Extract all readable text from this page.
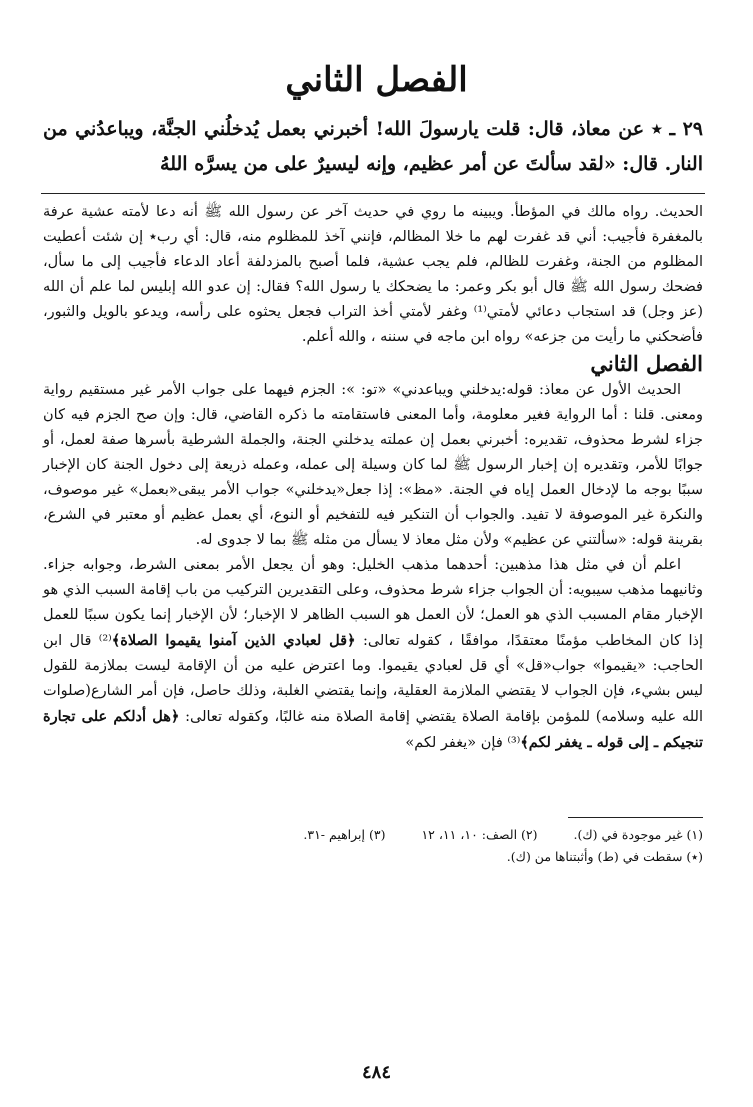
الفصل الثاني
٢٩ ـ ٭ عن معاذ، قال: قلت يارسولَ الله! أخبرني بعمل يُدخلُني الجنَّة، ويباعدُني من النار. قال: «لقد سألتَ عن أمر عظيم، وإنه ليسيرٌ على من يسرَّه اللهُ

الحديث. رواه مالك في المؤطأ. ويبينه ما روي في حديث آخر عن رسول الله ﷺ أنه دعا لأمته عشية عرفة بالمغفرة فأجيب: أني قد غفرت لهم ما خلا المظالم، فإنني آخذ للمظلوم منه، قال: أي رب٭ إن شئت أعطيت المظلوم من الجنة، وغفرت للظالم، فلم يجب عشية، فلما أصبح بالمزدلفة أعاد الدعاء فأجيب إلى ما سأل، فضحك رسول الله ﷺ قال أبو بكر وعمر: ما يضحكك يا رسول الله؟ فقال: إن عدو الله إبليس لما علم أن الله (عز وجل) قد استجاب دعائي لأمتي⁽¹⁾ وغفر لأمتي أخذ التراب فجعل يحثوه على رأسه، ويدعو بالويل والثبور، فأضحكني ما رأيت من جزعه» رواه ابن ماجه في سننه ، والله أعلم.

الفصل الثاني

الحديث الأول عن معاذ: قوله:يدخلني ويباعدني» «تو: »: الجزم فيهما على جواب الأمر غير مستقيم رواية ومعنى. قلنا : أما الرواية فغير معلومة، وأما المعنى فاستقامته ما ذكره القاضي، قال: وإن صح الجزم فيه كان جزاء لشرط محذوف، تقديره: أخبرني بعمل إن عملته يدخلني الجنة، والجملة الشرطية بأسرها صفة لعمل، أو جوابًا للأمر، وتقديره إن إخبار الرسول ﷺ لما كان وسيلة إلى عمله، وعمله ذريعة إلى دخول الجنة كان الإخبار سببًا بوجه ما لإدخال العمل إياه في الجنة. «مظ»: إذا جعل«يدخلني» جواب الأمر يبقى«بعمل» غير موصوف، والنكرة غير الموصوفة لا تفيد. والجواب أن التنكير فيه للتفخيم أو النوع، أي بعمل عظيم أو معتبر في الشرع، بقرينة قوله: «سألتني عن عظيم» ولأن مثل معاذ لا يسأل من مثله ﷺ بما لا جدوى له.

اعلم أن في مثل هذا مذهبين: أحدهما مذهب الخليل: وهو أن يجعل الأمر بمعنى الشرط، وجوابه جزاء. وثانيهما مذهب سيبويه: أن الجواب جزاء شرط محذوف، وعلى التقديرين التركيب من باب إقامة السبب الذي هو الإخبار مقام المسبب الذي هو العمل؛ لأن العمل هو السبب الظاهر لا الإخبار؛ لأن الإخبار إنما يكون سببًا للعمل إذا كان المخاطب مؤمنًا معتقدًا، موافقًا ، كقوله تعالى: ﴿قل لعبادي الذين آمنوا يقيموا الصلاة﴾⁽²⁾ قال ابن الحاجب: «يقيموا» جواب«قل» أي قل لعبادي يقيموا. وما اعترض عليه من أن الإقامة ليست بملازمة للقول ليس بشيء، فإن الجواب لا يقتضي الملازمة العقلية، وإنما يقتضي الغلبة، وذلك حاصل، فإن أمر الشارع(صلوات الله عليه وسلامه) للمؤمن بإقامة الصلاة يقتضي إقامة الصلاة منه غالبًا، وكقوله تعالى: ﴿هل أدلكم على تجارة تنجيكم ـ إلى قوله ـ يغفر لكم﴾⁽³⁾ فإن «يغفر لكم»

(١) غير موجودة في (ك).
(٢) الصف: ١٠، ١١، ١٢
(٣) إبراهيم -٣١.
(٭) سقطت في (ط) وأثبتناها من (ك).
٤٨٤
